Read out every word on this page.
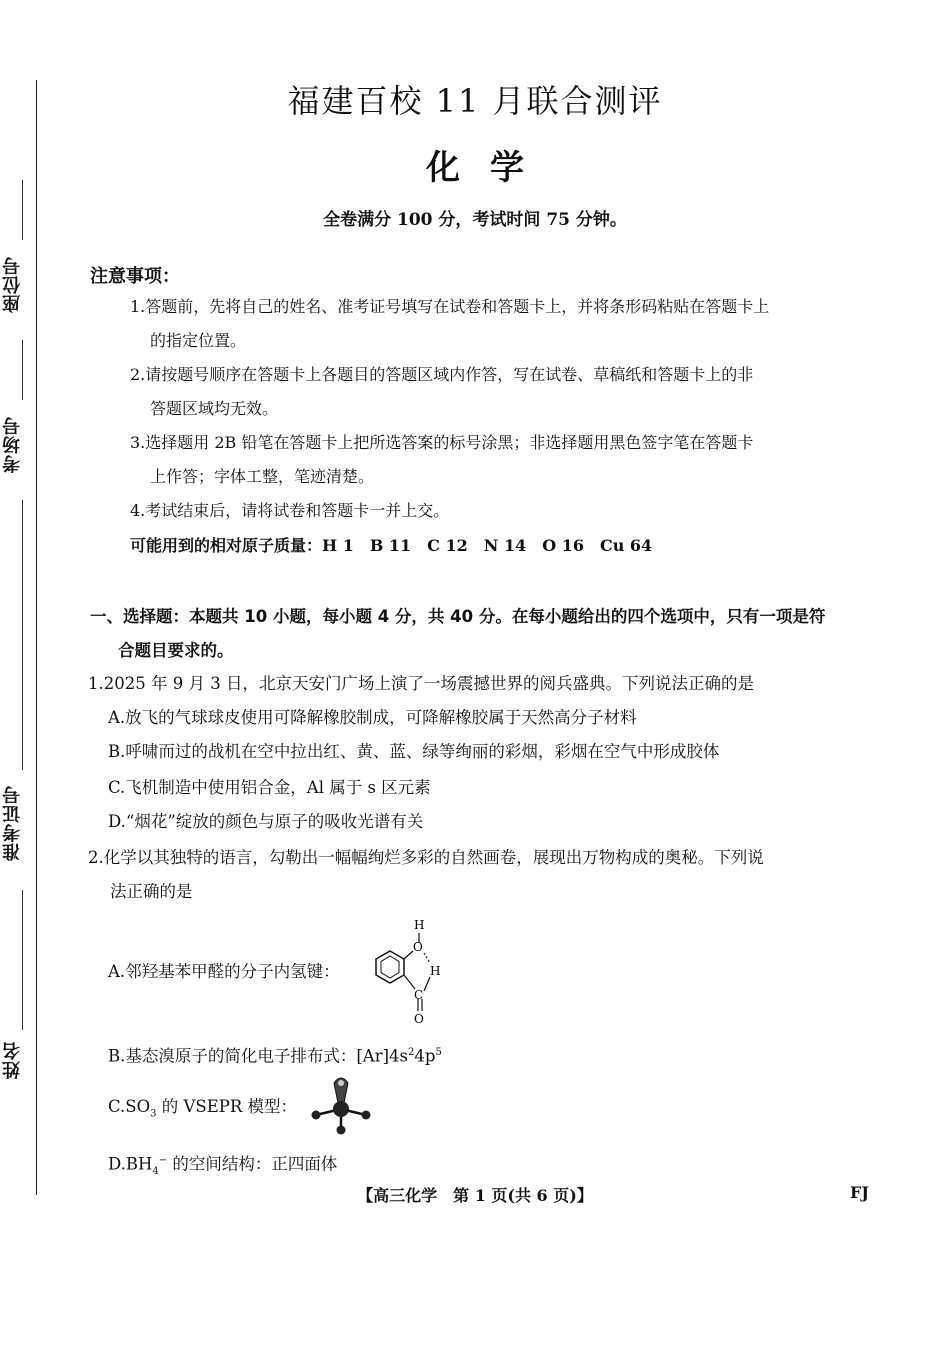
座位号
考场号
准考证号
姓名
福建百校 11 月联合测评
化学
全卷满分 100 分，考试时间 75 分钟。
注意事项：
1.答题前，先将自己的姓名、准考证号填写在试卷和答题卡上，并将条形码粘贴在答题卡上
的指定位置。
2.请按题号顺序在答题卡上各题目的答题区域内作答，写在试卷、草稿纸和答题卡上的非
答题区域均无效。
3.选择题用 2B 铅笔在答题卡上把所选答案的标号涂黑；非选择题用黑色签字笔在答题卡
上作答；字体工整，笔迹清楚。
4.考试结束后，请将试卷和答题卡一并上交。
可能用到的相对原子质量：H 1　B 11　C 12　N 14　O 16　Cu 64
一、选择题：本题共 10 小题，每小题 4 分，共 40 分。在每小题给出的四个选项中，只有一项是符
合题目要求的。
1.2025 年 9 月 3 日，北京天安门广场上演了一场震撼世界的阅兵盛典。下列说法正确的是
A.放飞的气球球皮使用可降解橡胶制成，可降解橡胶属于天然高分子材料
B.呼啸而过的战机在空中拉出红、黄、蓝、绿等绚丽的彩烟，彩烟在空气中形成胶体
C.飞机制造中使用铝合金，Al 属于 s 区元素
D.“烟花”绽放的颜色与原子的吸收光谱有关
2.化学以其独特的语言，勾勒出一幅幅绚烂多彩的自然画卷，展现出万物构成的奥秘。下列说
法正确的是
A.邻羟基苯甲醛的分子内氢键：
H
O
H
C
O
B.基态溴原子的简化电子排布式：$[Ar]4s^24p^5$
$C.SO_3$ 的 VSEPR 模型：
$D.BH_4^-$ 的空间结构：正四面体
【高三化学　第 1 页(共 6 页)】	FJ
